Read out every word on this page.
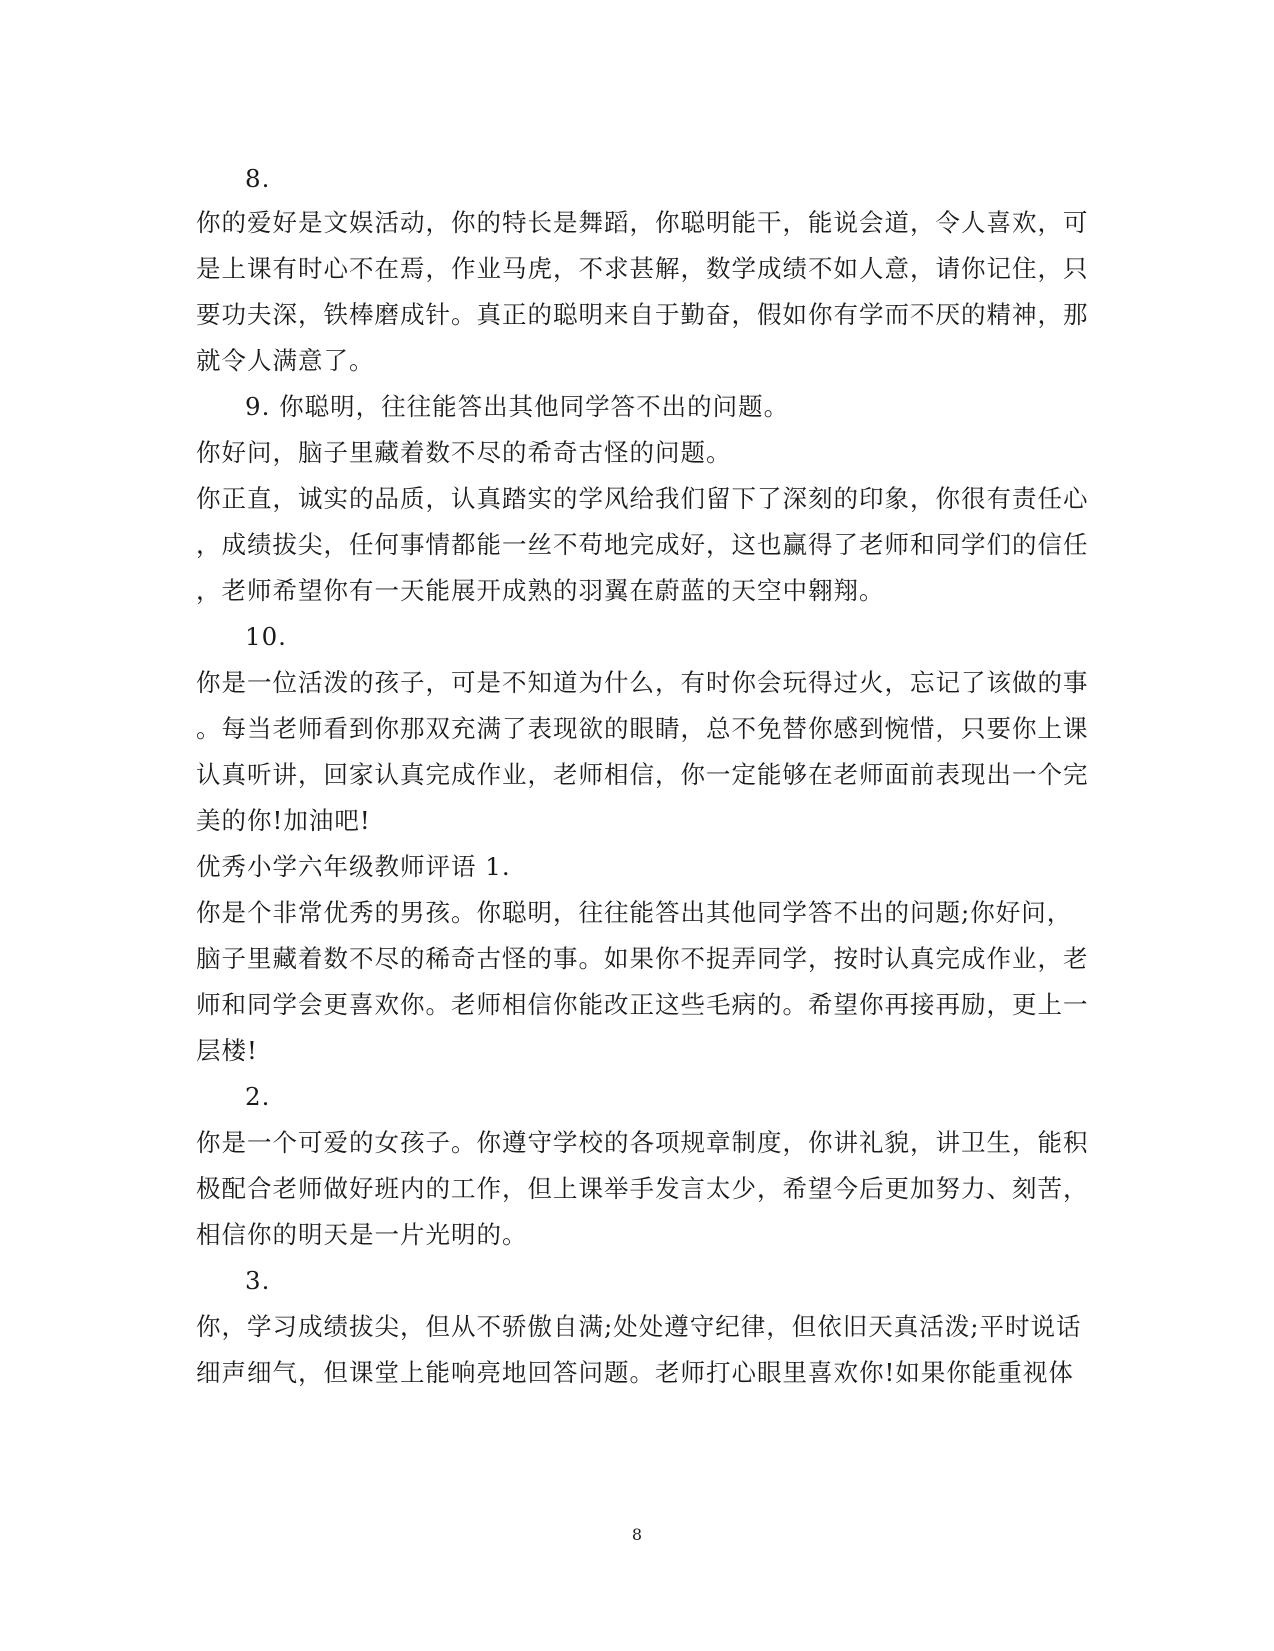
8.
你的爱好是文娱活动，你的特长是舞蹈，你聪明能干，能说会道，令人喜欢，可
是上课有时心不在焉，作业马虎，不求甚解，数学成绩不如人意，请你记住，只
要功夫深，铁棒磨成针。真正的聪明来自于勤奋，假如你有学而不厌的精神，那
就令人满意了。
9. 你聪明，往往能答出其他同学答不出的问题。
你好问，脑子里藏着数不尽的希奇古怪的问题。
你正直，诚实的品质，认真踏实的学风给我们留下了深刻的印象，你很有责任心
，成绩拔尖，任何事情都能一丝不苟地完成好，这也赢得了老师和同学们的信任
，老师希望你有一天能展开成熟的羽翼在蔚蓝的天空中翱翔。
10.
你是一位活泼的孩子，可是不知道为什么，有时你会玩得过火，忘记了该做的事
。每当老师看到你那双充满了表现欲的眼睛，总不免替你感到惋惜，只要你上课
认真听讲，回家认真完成作业，老师相信，你一定能够在老师面前表现出一个完
美的你!加油吧!
优秀小学六年级教师评语 1.
你是个非常优秀的男孩。你聪明，往往能答出其他同学答不出的问题;你好问，
脑子里藏着数不尽的稀奇古怪的事。如果你不捉弄同学，按时认真完成作业，老
师和同学会更喜欢你。老师相信你能改正这些毛病的。希望你再接再励，更上一
层楼!
2.
你是一个可爱的女孩子。你遵守学校的各项规章制度，你讲礼貌，讲卫生，能积
极配合老师做好班内的工作，但上课举手发言太少，希望今后更加努力、刻苦，
相信你的明天是一片光明的。
3.
你，学习成绩拔尖，但从不骄傲自满;处处遵守纪律，但依旧天真活泼;平时说话
细声细气，但课堂上能响亮地回答问题。老师打心眼里喜欢你!如果你能重视体
8
